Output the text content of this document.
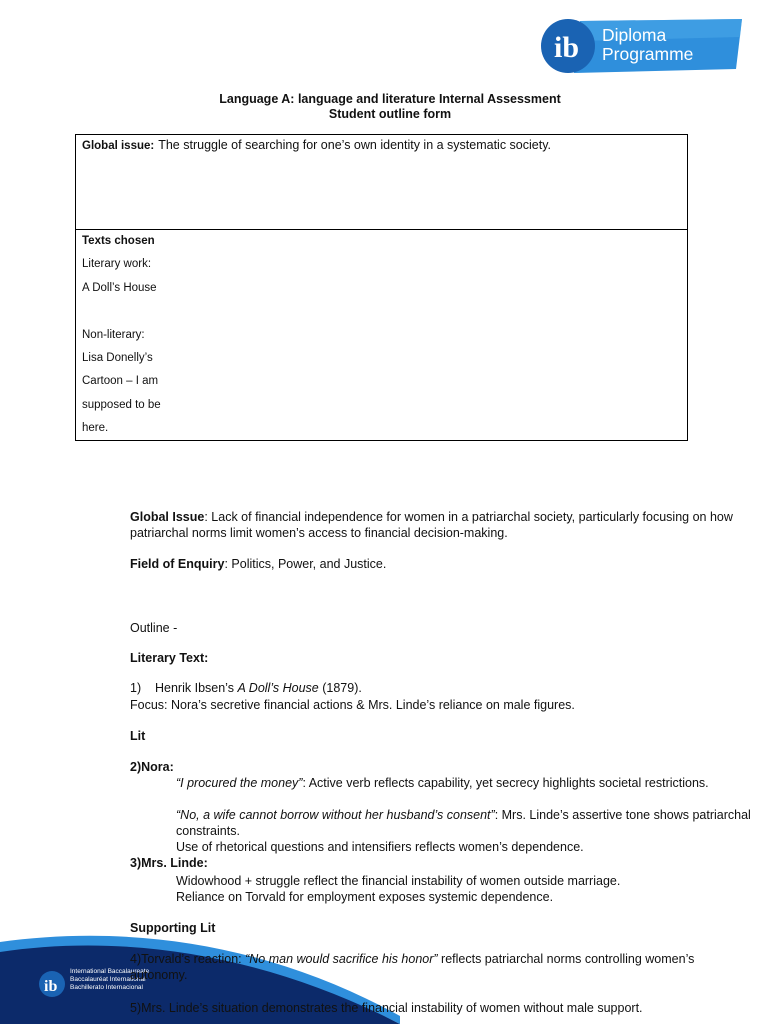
ib Diploma
Programme
Language A: language and literature Internal Assessment
Student outline form
Global issue: The struggle of searching for one’s own identity in a systematic society.
Texts chosen
Literary work:
A Doll’s House

Non-literary:
Lisa Donelly’s
Cartoon – I am
supposed to be
here.
Global Issue: Lack of financial independence for women in a patriarchal society, particularly focusing on how patriarchal norms limit women’s access to financial decision-making.
Field of Enquiry: Politics, Power, and Justice.
Outline -
Literary Text:
1)    Henrik Ibsen’s A Doll’s House (1879).
Focus: Nora’s secretive financial actions & Mrs. Linde’s reliance on male figures.
Lit
2)Nora:
“I procured the money”: Active verb reflects capability, yet secrecy highlights societal restrictions.
“No, a wife cannot borrow without her husband’s consent”: Mrs. Linde’s assertive tone shows patriarchal constraints.
Use of rhetorical questions and intensifiers reflects women’s dependence.
3)Mrs. Linde:
Widowhood + struggle reflect the financial instability of women outside marriage.
Reliance on Torvald for employment exposes systemic dependence.
Supporting Lit
ib
International Baccalaureate
Baccalauréat International
Bachillerato Internacional
4)Torvald’s reaction: “No man would sacrifice his honor” reflects patriarchal norms controlling women’s autonomy.
5)Mrs. Linde’s situation demonstrates the financial instability of women without male support.
